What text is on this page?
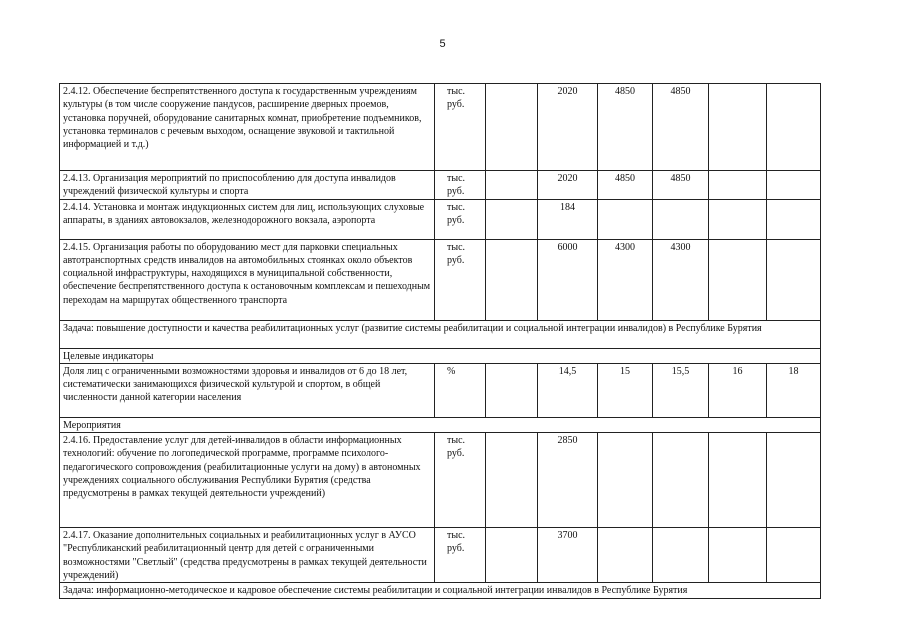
5
2.4.12. Обеспечение беспрепятственного доступа к государственным учреждениям культуры (в том числе сооружение пандусов, расширение дверных проемов, установка поручней, оборудование санитарных комнат, приобретение подъемников, установка терминалов с речевым выходом, оснащение звуковой и тактильной информацией и т.д.)	тыс. руб.		2020	4850	4850		
2.4.13. Организация мероприятий по приспособлению для доступа инвалидов учреждений физической культуры и спорта	тыс. руб.		2020	4850	4850		
2.4.14. Установка и монтаж индукционных систем для лиц, использующих слуховые аппараты, в зданиях автовокзалов, железнодорожного вокзала, аэропорта	тыс. руб.		184				
2.4.15. Организация работы по оборудованию мест для парковки специальных автотранспортных средств инвалидов на автомобильных стоянках около объектов социальной инфраструктуры, находящихся в муниципальной собственности, обеспечение беспрепятственного доступа к остановочным комплексам и пешеходным переходам на маршрутах общественного транспорта	тыс. руб.		6000	4300	4300		
Задача: повышение доступности и качества реабилитационных услуг (развитие системы реабилитации и социальной интеграции инвалидов) в Республике Бурятия							
Целевые индикаторы							
Доля лиц с ограниченными возможностями здоровья и инвалидов от 6 до 18 лет, систематически занимающихся физической культурой и спортом, в общей численности данной категории населения	%		14,5	15	15,5	16	18
Мероприятия							
2.4.16. Предоставление услуг для детей-инвалидов в области информационных технологий: обучение по логопедической программе, программе психолого-педагогического сопровождения (реабилитационные услуги на дому) в автономных учреждениях социального обслуживания Республики Бурятия (средства предусмотрены в рамках текущей деятельности учреждений)	тыс. руб.		2850				
2.4.17. Оказание дополнительных социальных и реабилитационных услуг в АУСО "Республиканский реабилитационный центр для детей с ограниченными возможностями "Светлый" (средства предусмотрены в рамках текущей деятельности учреждений)	тыс. руб.		3700				
Задача: информационно-методическое и кадровое обеспечение системы реабилитации и социальной интеграции инвалидов в Республике Бурятия							
